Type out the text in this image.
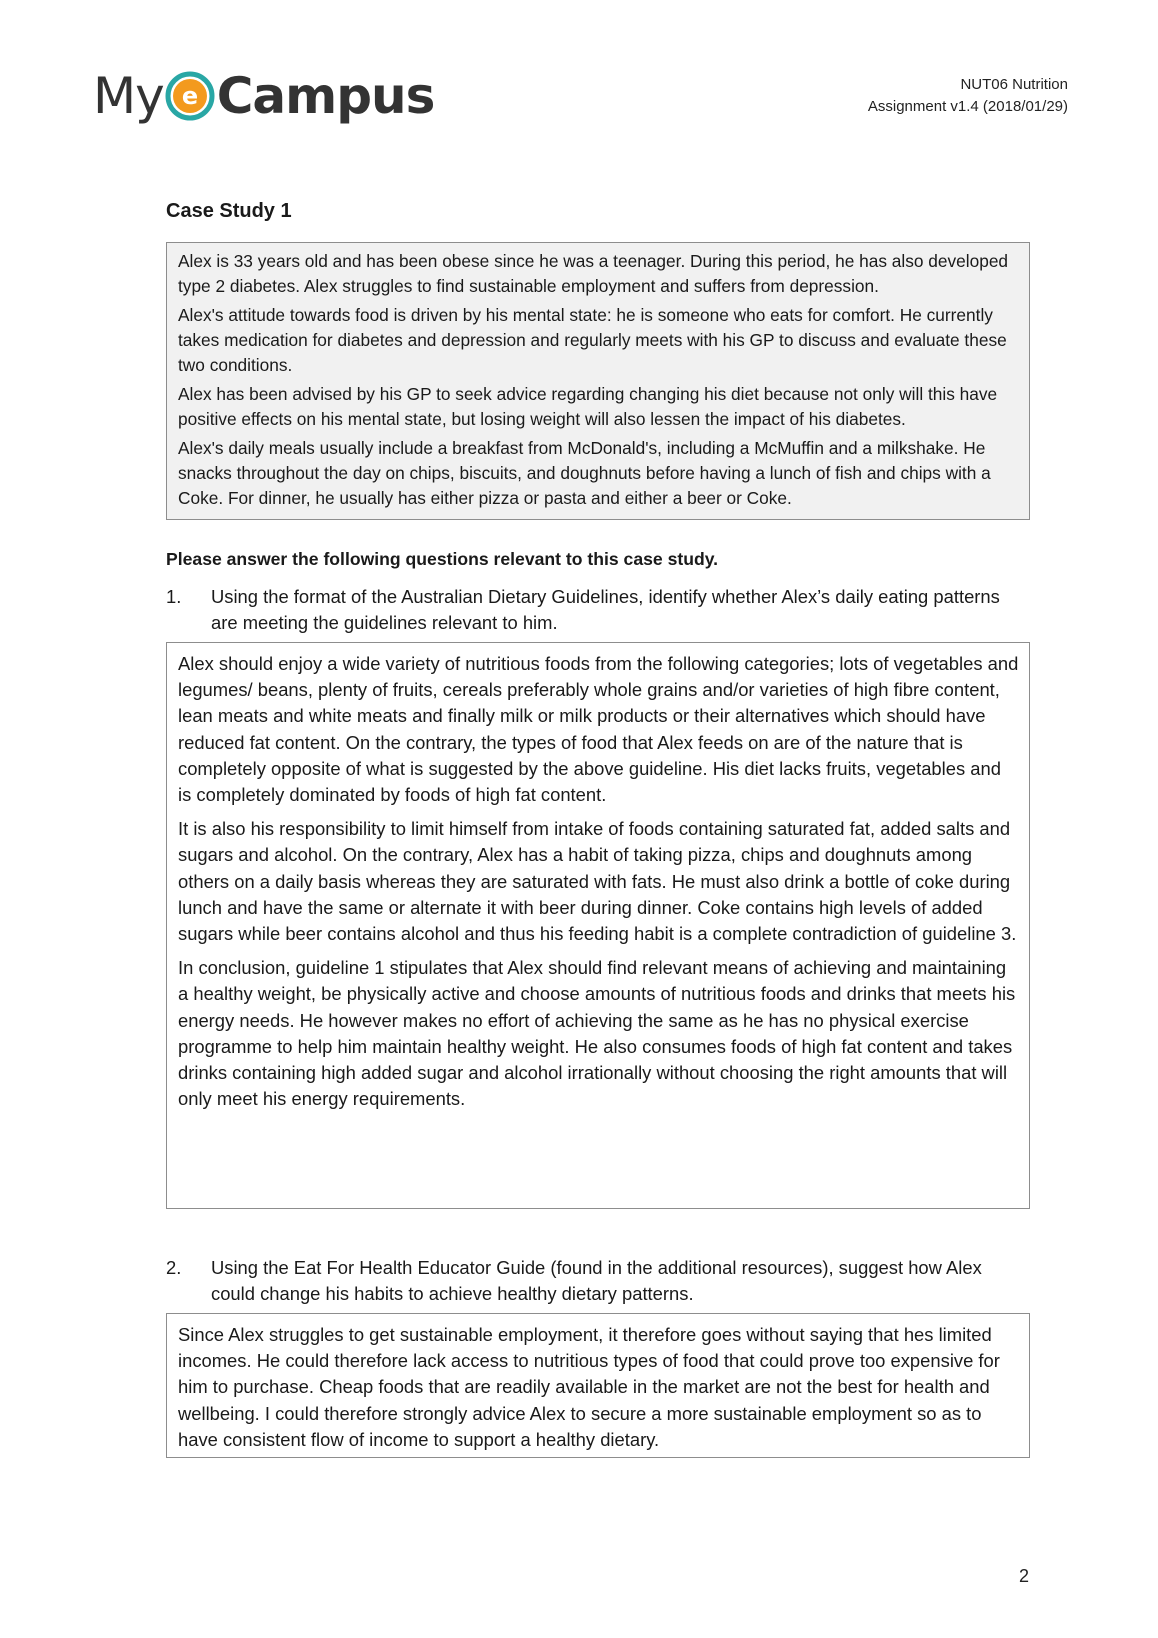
My e Campus	NUT06 Nutrition
Assignment v1.4 (2018/01/29)
Case Study 1

Alex is 33 years old and has been obese since he was a teenager. During this period, he has also developed type 2 diabetes. Alex struggles to find sustainable employment and suffers from depression.

Alex's attitude towards food is driven by his mental state: he is someone who eats for comfort. He currently takes medication for diabetes and depression and regularly meets with his GP to discuss and evaluate these two conditions.

Alex has been advised by his GP to seek advice regarding changing his diet because not only will this have positive effects on his mental state, but losing weight will also lessen the impact of his diabetes.

Alex's daily meals usually include a breakfast from McDonald's, including a McMuffin and a milkshake. He snacks throughout the day on chips, biscuits, and doughnuts before having a lunch of fish and chips with a Coke. For dinner, he usually has either pizza or pasta and either a beer or Coke.

Please answer the following questions relevant to this case study.
1.	Using the format of the Australian Dietary Guidelines, identify whether Alex’s daily eating patterns are meeting the guidelines relevant to him.

Alex should enjoy a wide variety of nutritious foods from the following categories; lots of vegetables and legumes/ beans, plenty of fruits, cereals preferably whole grains and/or varieties of high fibre content, lean meats and white meats and finally milk or milk products or their alternatives which should have reduced fat content. On the contrary, the types of food that Alex feeds on are of the nature that is completely opposite of what is suggested by the above guideline. His diet lacks fruits, vegetables and is completely dominated by foods of high fat content.

It is also his responsibility to limit himself from intake of foods containing saturated fat, added salts and sugars and alcohol. On the contrary, Alex has a habit of taking pizza, chips and doughnuts among others on a daily basis whereas they are saturated with fats. He must also drink a bottle of coke during lunch and have the same or alternate it with beer during dinner. Coke contains high levels of added sugars while beer contains alcohol and thus his feeding habit is a complete contradiction of guideline 3.

In conclusion, guideline 1 stipulates that Alex should find relevant means of achieving and maintaining a healthy weight, be physically active and choose amounts of nutritious foods and drinks that meets his energy needs. He however makes no effort of achieving the same as he has no physical exercise programme to help him maintain healthy weight. He also consumes foods of high fat content and takes drinks containing high added sugar and alcohol irrationally without choosing the right amounts that will only meet his energy requirements.

2.	Using the Eat For Health Educator Guide (found in the additional resources), suggest how Alex could change his habits to achieve healthy dietary patterns.

Since Alex struggles to get sustainable employment, it therefore goes without saying that hes limited incomes. He could therefore lack access to nutritious types of food that could prove too expensive for him to purchase. Cheap foods that are readily available in the market are not the best for health and wellbeing. I could therefore strongly advice Alex to secure a more sustainable employment so as to have consistent flow of income to support a healthy dietary.

2
